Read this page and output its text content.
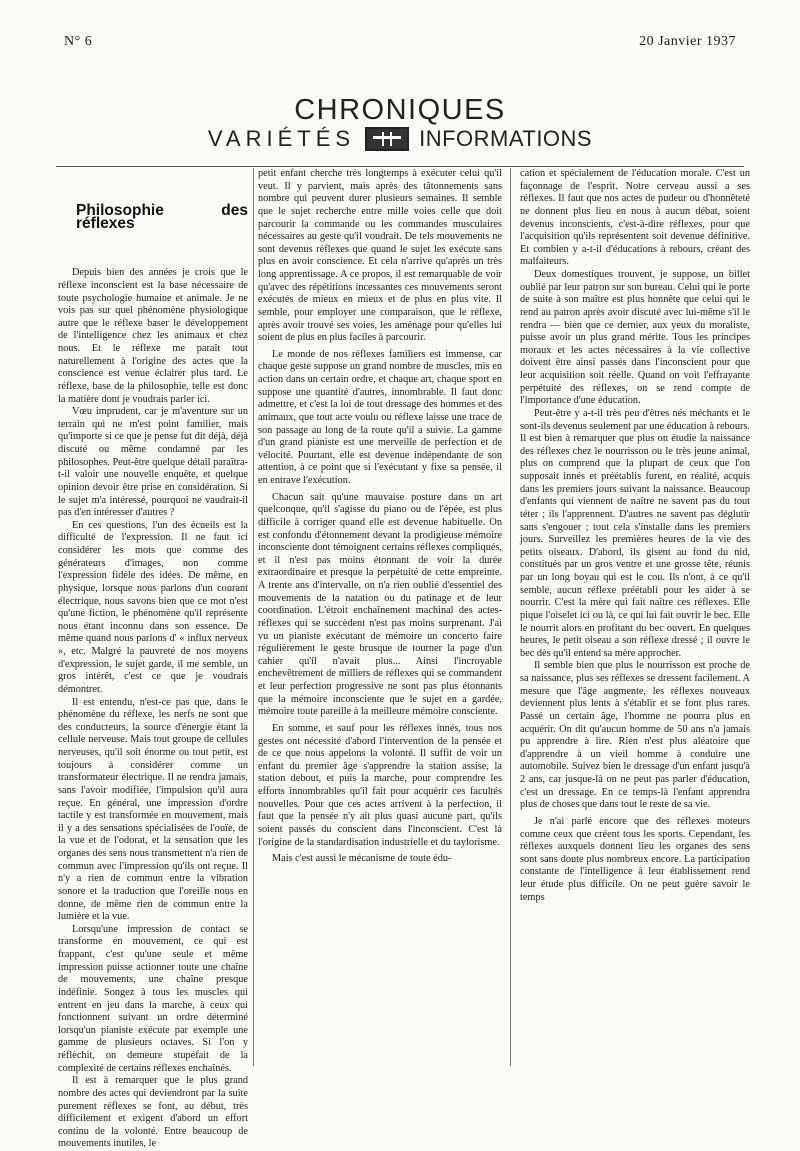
N° 6	20 Janvier 1937
CHRONIQUES
VARIÉTÉS	INFORMATIONS
Philosophie des réflexes

Depuis bien des années je crois que le réflexe inconscient est la base nécessaire de toute psychologie humaine et animale. Je ne vois pas sur quel phénomène physiologique autre que le réflexe baser le développement de l'intelligence chez les animaux et chez nous. Et le réflexe me paraît tout naturellement à l'origine des actes que la conscience est venue éclairer plus tard. Le réflexe, base de la philosophie, telle est donc la matière dont je voudrais parler ici.

Vœu imprudent, car je m'aventure sur un terrain qui ne m'est point familier, mais qu'importe si ce que je pense fut dit déjà, déjà discuté ou même condamné par les philosophes. Peut-être quelque détail paraîtra-t-il valoir une nouvelle enquête, et quelque opinion devoir être prise en considération. Si le sujet m'a intéressé, pourquoi ne vaudrait-il pas d'en intéresser d'autres ?

En ces questions, l'un des écueils est la difficulté de l'expression. Il ne faut ici considérer les mots que comme des générateurs d'images, non comme l'expression fidèle des idées. De même, en physique, lorsque nous parlons d'un courant électrique, nous savons bien que ce mot n'est qu'une fiction, le phénomène qu'il représente nous étant inconnu dans son essence. De même quand nous parlons d' « influx nerveux », etc. Malgré la pauvreté de nos moyens d'expression, le sujet garde, il me semble, un gros intérêt, c'est ce que je voudrais démontrer.

Il est entendu, n'est-ce pas que, dans le phénomène du réflexe, les nerfs ne sont que des conducteurs, la source d'énergie étant la cellule nerveuse. Mais tout groupe de cellules nerveuses, qu'il soit énorme ou tout petit, est toujours à considérer comme un transformateur électrique. Il ne rendra jamais, sans l'avoir modifiée, l'impulsion qu'il aura reçue. En général, une impression d'ordre tactile y est transformée en mouvement, mais il y a des sensations spécialisées de l'ouïe, de la vue et de l'odorat, et la sensation que les organes des sens nous transmettent n'a rien de commun avec l'impression qu'ils ont reçue. Il n'y a rien de commun entre la vibration sonore et la traduction que l'oreille nous en donne, de même rien de commun entre la lumière et la vue.

Lorsqu'une impression de contact se transforme en mouvement, ce qui est frappant, c'est qu'une seule et même impression puisse actionner toute une chaîne de mouvements, une chaîne presque indéfinie. Songez à tous les muscles qui entrent en jeu dans la marche, à ceux qui fonctionnent suivant un ordre déterminé lorsqu'un pianiste exécute par exemple une gamme de plusieurs octaves. Si l'on y réfléchit, on demeure stupéfait de la complexité de certains réflexes enchaînés.

Il est à remarquer que le plus grand nombre des actes qui deviendront par la suite purement réflexes se font, au début, très difficilement et exigent d'abord un effort continu de la volonté. Entre beaucoup de mouvements inutiles, le

petit enfant cherche très longtemps à exécuter celui qu'il veut. Il y parvient, mais après des tâtonnements sans nombre qui peuvent durer plusieurs semaines. Il semble que le sujet recherche entre mille voies celle que doit parcourir la commande ou les commandes musculaires nécessaires au geste qu'il voudrait. De tels mouvements ne sont devenus réflexes que quand le sujet les exécute sans plus en avoir conscience. Et cela n'arrive qu'après un très long apprentissage. A ce propos, il est remarquable de voir qu'avec des répétitions incessantes ces mouvements seront exécutés de mieux en mieux et de plus en plus vite. Il semble, pour employer une comparaison, que le réflexe, après avoir trouvé ses voies, les aménage pour qu'elles lui soient de plus en plus faciles à parcourir.

Le monde de nos réflexes familiers est immense, car chaque geste suppose un grand nombre de muscles, mis en action dans un certain ordre, et chaque art, chaque sport en suppose une quantité d'autres, innombrable. Il faut donc admettre, et c'est la loi de tout dressage des hommes et des animaux, que tout acte voulu ou réflexe laisse une trace de son passage au long de la route qu'il a suivie. La gamme d'un grand pianiste est une merveille de perfection et de vélocité. Pourtant, elle est devenue indépendante de son attention, à ce point que si l'exécutant y fixe sa pensée, il en entrave l'exécution.

Chacun sait qu'une mauvaise posture dans un art quelconque, qu'il s'agisse du piano ou de l'épée, est plus difficile à corriger quand elle est devenue habituelle. On est confondu d'étonnement devant la prodigieuse mémoire inconsciente dont témoignent certains réflexes compliqués, et il n'est pas moins étonnant de voir la durée extraordinaire et presque la perpétuité de cette empreinte. A trente ans d'intervalle, on n'a rien oublié d'essentiel des mouvements de la natation ou du patinage et de leur coordination. L'étroit enchaînement machinal des actes-réflexes qui se succèdent n'est pas moins surprenant. J'ai vu un pianiste exécutant de mémoire un concerto faire régulièrement le geste brusque de tourner la page d'un cahier qu'il n'avait plus... Ainsi l'incroyable enchevêtrement de milliers de réflexes qui se commandent et leur perfection progressive ne sont pas plus étonnants que la mémoire inconsciente que le sujet en a gardée, mémoire toute pareille à la meilleure mémoire consciente.

En somme, et sauf pour les réflexes innés, tous nos gestes ont nécessité d'abord l'intervention de la pensée et de ce que nous appelons la volonté. Il suffit de voir un enfant du premier âge s'apprendre la station assise, la station debout, et puis la marche, pour comprendre les efforts innombrables qu'il fait pour acquérir ces facultés nouvelles. Pour que ces actes arrivent à la perfection, il faut que la pensée n'y ait plus quasi aucune part, qu'ils soient passés du conscient dans l'inconscient. C'est là l'origine de la standardisation industrielle et du taylorisme.

Mais c'est aussi le mécanisme de toute édu-

cation et spécialement de l'éducation morale. C'est un façonnage de l'esprit. Notre cerveau aussi a ses réflexes. Il faut que nos actes de pudeur ou d'honnêteté ne donnent plus lieu en nous à aucun débat, soient devenus inconscients, c'est-à-dire réflexes, pour que l'acquisition qu'ils représentent soit devenue définitive. Et combien y a-t-il d'éducations à rebours, créant des malfaiteurs.

Deux domestiques trouvent, je suppose, un billet oublié par leur patron sur son bureau. Celui qui le porte de suite à son maître est plus honnête que celui qui le rend au patron après avoir discuté avec lui-même s'il le rendra — bien que ce dernier, aux yeux du moraliste, puisse avoir un plus grand mérite. Tous les principes moraux et les actes nécessaires à la vie collective doivent être ainsi passés dans l'inconscient pour que leur acquisition soit réelle. Quand on voit l'effrayante perpétuité des réflexes, on se rend compte de l'importance d'une éducation.

Peut-être y a-t-il très peu d'êtres nés méchants et le sont-ils devenus seulement par une éducation à rebours. Il est bien à remarquer que plus on étudie la naissance des réflexes chez le nourrisson ou le très jeune animal, plus on comprend que la plupart de ceux que l'on supposait innés et préétablis furent, en réalité, acquis dans les premiers jours suivant la naissance. Beaucoup d'enfants qui viennent de naître ne savent pas du tout téter ; ils l'apprennent. D'autres ne savent pas déglutir sans s'engouer ; tout cela s'installe dans les premiers jours. Surveillez les premières heures de la vie des petits oiseaux. D'abord, ils gisent au fond du nid, constitués par un gros ventre et une grosse tête, réunis par un long boyau qui est le cou. Ils n'ont, à ce qu'il semble, aucun réflexe préétabli pour les aider à se nourrir. C'est la mère qui fait naître ces réflexes. Elle pique l'oiselet ici ou là, ce qui lui fait ouvrir le bec. Elle le nourrit alors en profitant du bec ouvert. En quelques heures, le petit oiseau a son réflexe dressé ; il ouvre le bec dès qu'il entend sa mère approcher.

Il semble bien que plus le nourrisson est proche de sa naissance, plus ses réflexes se dressent facilement. A mesure que l'âge augmente, les réflexes nouveaux deviennent plus lents à s'établir et se font plus rares. Passé un certain âge, l'homme ne pourra plus en acquérir. On dit qu'aucun homme de 50 ans n'a jamais pu apprendre à lire. Rien n'est plus aléatoire que d'apprendre à un vieil homme à conduire une automobile. Suivez bien le dressage d'un enfant jusqu'à 2 ans, car jusque-là on ne peut pas parler d'éducation, c'est un dressage. En ce temps-là l'enfant apprendra plus de choses que dans tout le reste de sa vie.

Je n'ai parlé encore que des réflexes moteurs comme ceux que créent tous les sports. Cependant, les réflexes auxquels donnent lieu les organes des sens sont sans doute plus nombreux encore. La participation constante de l'intelligence à leur établissement rend leur étude plus difficile. On ne peut guère savoir le temps
